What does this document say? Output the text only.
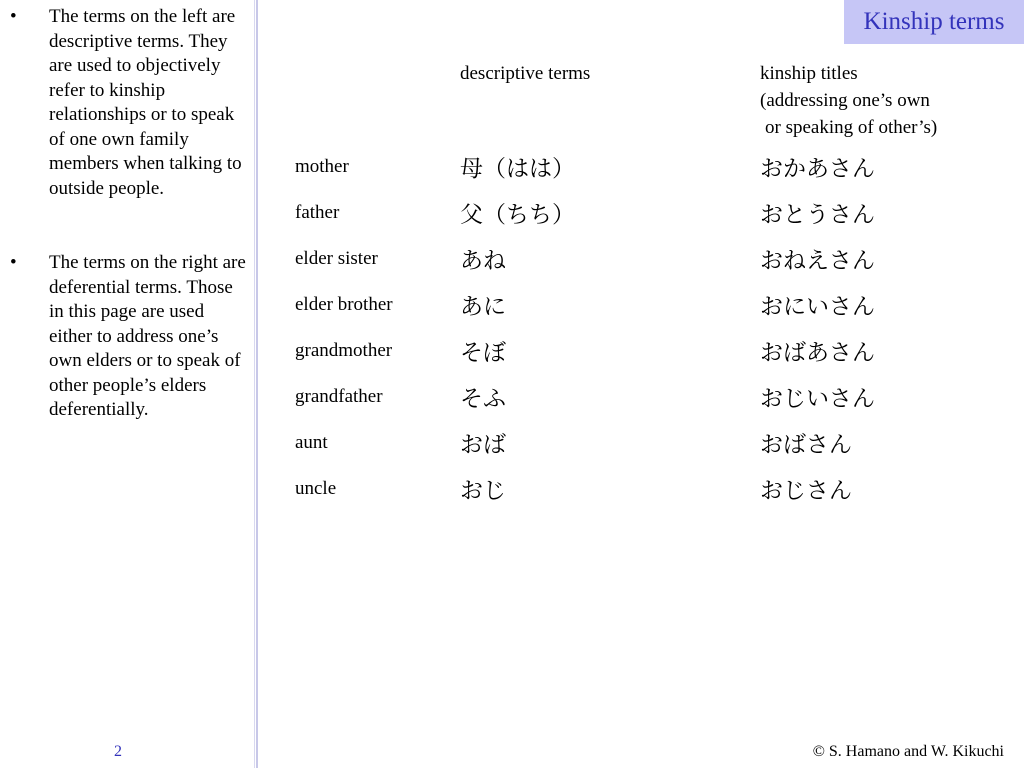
• The terms on the left are descriptive terms. They are used to objectively refer to kinship relationships or to speak of one own family members when talking to outside people.
• The terms on the right are deferential terms. Those in this page are used either to address one’s own elders or to speak of other people’s elders deferentially.
Kinship terms
descriptive terms	kinship titles
(addressing one’s own
or speaking of other’s)
mother	母（はは）	おかあさん
father	父（ちち）	おとうさん
elder sister	あね	おねえさん
elder brother	あに	おにいさん
grandmother	そぼ	おばあさん
grandfather	そふ	おじいさん
aunt	おば	おばさん
uncle	おじ	おじさん
2	© S. Hamano and W. Kikuchi
